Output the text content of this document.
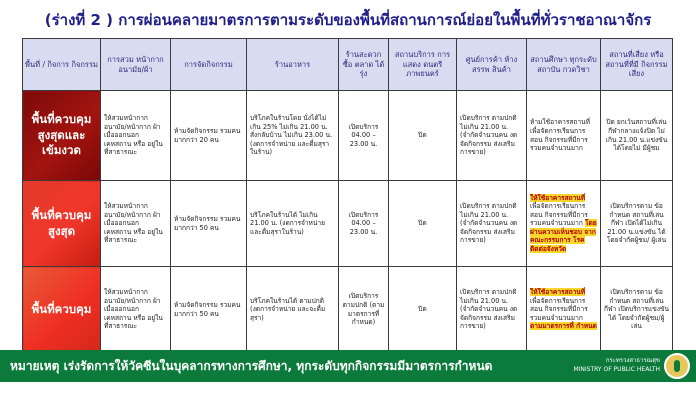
(ร่างที่ 2 ) การผ่อนคลายมาตรการตามระดับของพื้นที่สถานการณ์ย่อยในพื้นที่ทั่วราชอาณาจักร
พื้นที่ / กิจการ กิจกรรม	การสวม หน้ากาก อนามัย/ผ้า	การจัดกิจกรรม	ร้านอาหาร	ร้านสะดวก ซื้อ ตลาด ได้รุ่ง	สถานบริการ การแสดง ดนตรี ภาพยนตร์	ศูนย์การค้า ห้างสรรพ สินค้า	สถานศึกษา ทุกระดับ สถาบัน กวดวิชา	สถานที่เสี่ยง หรือ สถานที่ที่มี กิจกรรมเสี่ยง
พื้นที่ควบคุม สูงสุดและ เข้มงวด	ให้สวมหน้ากาก อนามัย/หน้ากาก ผ้า เมื่อออกนอก เคหสถาน หรือ อยู่ในที่สาธารณะ	ห้ามจัดกิจกรรม รวมคนมากกว่า 20 คน	บริโภคในร้านโดย นั่งได้ไม่เกิน 25% ไม่เกิน 21.00 น. สั่งกลับบ้าน ไม่เกิน 23.00 น. (งดการจำหน่าย และดื่มสุราในร้าน)	เปิดบริการ 04.00 – 23.00 น.	ปิด	เปิดบริการ ตามปกติ ไม่เกิน 21.00 น. (จำกัดจำนวนคน งดจัดกิจกรรม ส่งเสริมการขาย)	ห้ามใช้อาคารสถานที่ เพื่อจัดการเรียนการ สอน กิจกรรมที่มีการ รวมคนจำนวนมาก	ปิด ยกเว้นสถานที่เล่น กีฬากลางแจ้งปิด ไม่เกิน 21.00 น.แข่งขันได้โดยไม่ มีผู้ชม
พื้นที่ควบคุม สูงสุด	ให้สวมหน้ากาก อนามัย/หน้ากาก ผ้า เมื่อออกนอก เคหสถาน หรือ อยู่ในที่สาธารณะ	ห้ามจัดกิจกรรม รวมคนมากกว่า 50 คน	บริโภคในร้านได้ ไม่เกิน 21.00 น. (งดการจำหน่าย และดื่มสุราในร้าน)	เปิดบริการ 04.00 – 23.00 น.	ปิด	เปิดบริการ ตามปกติ ไม่เกิน 21.00 น. (จำกัดจำนวนคน งดจัดกิจกรรม ส่งเสริมการขาย)	ให้ใช้อาคารสถานที่ เพื่อจัดการเรียนการ สอน กิจกรรมที่มีการ รวมคนจำนวนมาก โดยผ่านความเห็นชอบ จากคณะกรรมการ โรคติดต่อจังหวัด	เปิดบริการตาม ข้อกำหนด สถานที่เล่นกีฬา เปิดได้ไม่เกิน 21.00 น.แข่งขัน ได้โดยจำกัดผู้ชม/ ผู้เล่น
พื้นที่ควบคุม	ให้สวมหน้ากาก อนามัย/หน้ากาก ผ้า เมื่อออกนอก เคหสถาน หรือ อยู่ในที่สาธารณะ	ห้ามจัดกิจกรรม รวมคนมากกว่า 50 คน	บริโภคในร้านได้ ตามปกติ (งดการจำหน่าย และจะดื่มสุรา)	เปิดบริการ ตามปกติ (ตาม มาตรการที่ กำหนด)	ปิด	เปิดบริการ ตามปกติ ไม่เกิน 21.00 น. (จำกัดจำนวนคน งดจัดกิจกรรม ส่งเสริมการขาย)	ให้ใช้อาคารสถานที่ เพื่อจัดการเรียนการ สอน กิจกรรมที่มีการ รวมคนจำนวนมาก ตามมาตรการที่ กำหนด	เปิดบริการตาม ข้อกำหนด สถานที่เล่นกีฬา เปิดบริการแข่งขันได้ โดยจำกัดผู้ชม/ผู้ เล่น
หมายเหตุ เร่งรัดการให้วัคซีนในบุคลากรทางการศึกษา, ทุกระดับทุกกิจกรรมมีมาตรการกำหนด	กระทรวงสาธารณสุข
MINISTRY OF PUBLIC HEALTH
